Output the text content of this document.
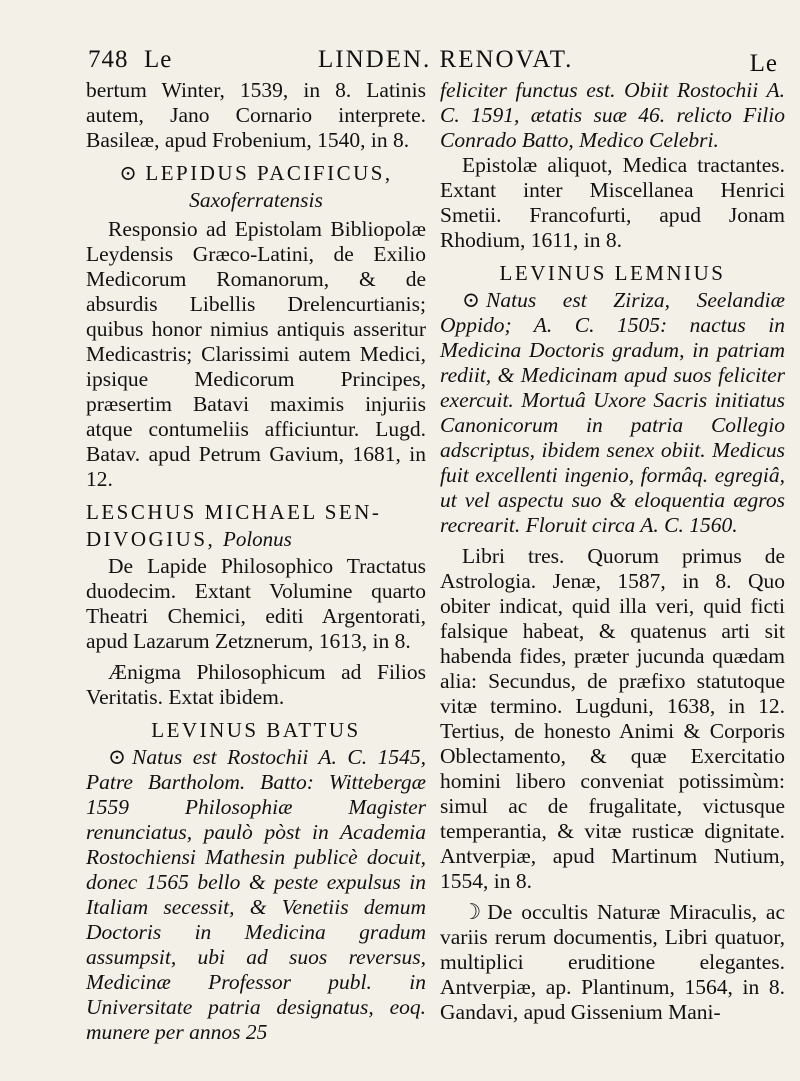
748 Le	LINDEN. RENOVAT.	Le

bertum Winter, 1539, in 8. Latinis autem, Jano Cornario interprete. Basileæ, apud Frobenium, 1540, in 8.

⊙ LEPIDUS PACIFICUS,
Saxoferratensis

Responsio ad Epistolam Bibliopolæ Leydensis Græco-Latini, de Exilio Medicorum Romanorum, & de absurdis Libellis Drelencurtianis; quibus honor nimius antiquis asseritur Medicastris; Clarissimi autem Medici, ipsique Medicorum Principes, præsertim Batavi maximis injuriis atque contumeliis afficiuntur. Lugd. Batav. apud Petrum Gavium, 1681, in 12.

LESCHUS MICHAEL SEN-
DIVOGIUS, Polonus

De Lapide Philosophico Tractatus duodecim. Extant Volumine quarto Theatri Chemici, editi Argentorati, apud Lazarum Zetznerum, 1613, in 8.

Ænigma Philosophicum ad Filios Veritatis. Extat ibidem.

LEVINUS BATTUS

⊙ Natus est Rostochii A. C. 1545, Patre Bartholom. Batto: Wittebergæ 1559 Philosophiæ Magister renunciatus, paulò pòst in Academia Rostochiensi Mathesin publicè docuit, donec 1565 bello & peste expulsus in Italiam secessit, & Venetiis demum Doctoris in Medicina gradum assumpsit, ubi ad suos reversus, Medicinæ Professor publ. in Universitate patria designatus, eoq. munere per annos 25

feliciter functus est. Obiit Rostochii A. C. 1591, ætatis suæ 46. relicto Filio Conrado Batto, Medico Celebri.

Epistolæ aliquot, Medica tractantes. Extant inter Miscellanea Henrici Smetii. Francofurti, apud Jonam Rhodium, 1611, in 8.

LEVINUS LEMNIUS

⊙ Natus est Ziriza, Seelandiæ Oppido; A. C. 1505: nactus in Medicina Doctoris gradum, in patriam rediit, & Medicinam apud suos feliciter exercuit. Mortuâ Uxore Sacris initiatus Canonicorum in patria Collegio adscriptus, ibidem senex obiit. Medicus fuit excellenti ingenio, formâq. egregiâ, ut vel aspectu suo & eloquentia ægros recrearit. Floruit circa A. C. 1560.

Libri tres. Quorum primus de Astrologia. Jenæ, 1587, in 8. Quo obiter indicat, quid illa veri, quid ficti falsique habeat, & quatenus arti sit habenda fides, præter jucunda quædam alia: Secundus, de præfixo statutoque vitæ termino. Lugduni, 1638, in 12. Tertius, de honesto Animi & Corporis Oblectamento, & quæ Exercitatio homini libero conveniat potissimùm: simul ac de frugalitate, victusque temperantia, & vitæ rusticæ dignitate. Antverpiæ, apud Martinum Nutium, 1554, in 8.

☽ De occultis Naturæ Miraculis, ac variis rerum documentis, Libri quatuor, multiplici eruditione elegantes. Antverpiæ, ap. Plantinum, 1564, in 8. Gandavi, apud Gissenium Mani-
